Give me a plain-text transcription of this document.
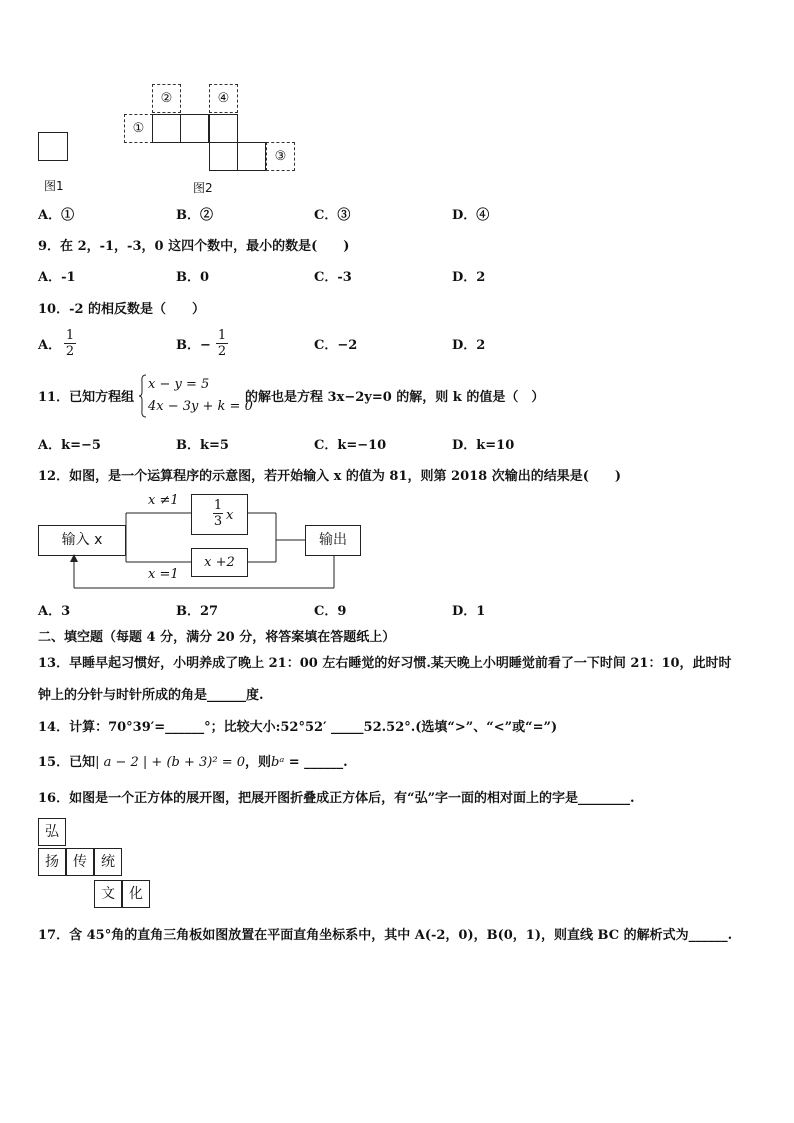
图1
①
②	④
③
图2
A．①	B．②	C．③	D．④
9．在 2，-1，-3，0 这四个数中，最小的数是(　　)
A．-1	B．0	C．-3	D．2
10．-2 的相反数是（　　）
A．
1
2	B．−
1
2	C．−2	D．2
11．已知方程组
x − y = 5
4x − 3y + k = 0
的解也是方程 3x−2y=0 的解，则 k 的值是（　）
A．k=−5	B．k=5	C．k=−10	D．k=10
12．如图，是一个运算程序的示意图，若开始输入 x 的值为 81，则第 2018 次输出的结果是(　　)
输入 x
1
3 x
x +2
输出
x ≠1
x =1
A．3	B．27	C．9	D．1
二、填空题（每题 4 分，满分 20 分，将答案填在答题纸上）
13．早睡早起习惯好，小明养成了晚上 21：00 左右睡觉的好习惯.某天晚上小明睡觉前看了一下时间 21：10，此时时
钟上的分针与时针所成的角是______度.
14．计算：70°39′=______°；比较大小:52°52′ _____52.52°.(选填“>”、“<”或“=”)
15．已知| a − 2 | + (b + 3)² = 0，则bᵃ = ______.
16．如图是一个正方体的展开图，把展开图折叠成正方体后，有“弘”字一面的相对面上的字是________.
弘
扬	传	统
文	化
17．含 45°角的直角三角板如图放置在平面直角坐标系中，其中 A(-2，0)，B(0，1)，则直线 BC 的解析式为______.
